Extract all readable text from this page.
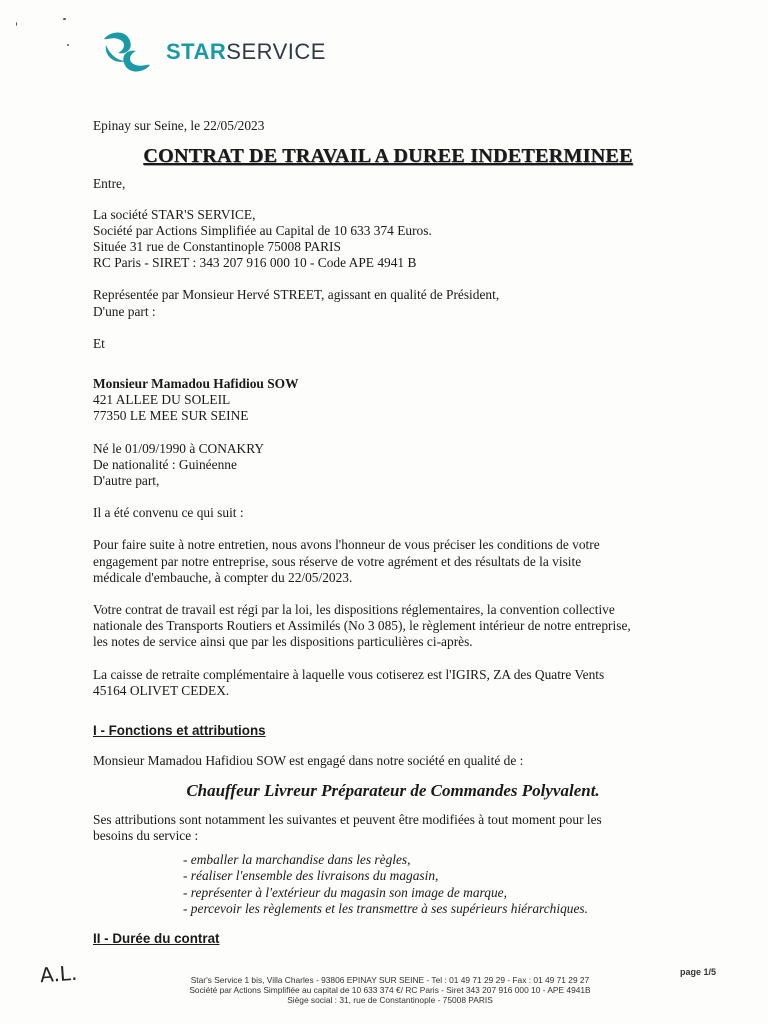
STARSERVICE
Epinay sur Seine, le 22/05/2023
CONTRAT DE TRAVAIL A DUREE INDETERMINEE
Entre,
La société STAR'S SERVICE,
Société par Actions Simplifiée au Capital de 10 633 374 Euros.
Située 31 rue de Constantinople 75008 PARIS
RC Paris - SIRET : 343 207 916 000 10 - Code APE 4941 B
Représentée par Monsieur Hervé STREET, agissant en qualité de Président,
D'une part :
Et
Monsieur Mamadou Hafidiou SOW
421 ALLEE DU SOLEIL
77350 LE MEE SUR SEINE
Né le 01/09/1990 à CONAKRY
De nationalité : Guinéenne
D'autre part,
Il a été convenu ce qui suit :
Pour faire suite à notre entretien, nous avons l'honneur de vous préciser les conditions de votre
engagement par notre entreprise, sous réserve de votre agrément et des résultats de la visite
médicale d'embauche, à compter du 22/05/2023.
Votre contrat de travail est régi par la loi, les dispositions réglementaires, la convention collective
nationale des Transports Routiers et Assimilés (No 3 085), le règlement intérieur de notre entreprise,
les notes de service ainsi que par les dispositions particulières ci-après.
La caisse de retraite complémentaire à laquelle vous cotiserez est l'IGIRS, ZA des Quatre Vents
45164 OLIVET CEDEX.
I - Fonctions et attributions
Monsieur Mamadou Hafidiou SOW est engagé dans notre société en qualité de :
Chauffeur Livreur Préparateur de Commandes Polyvalent.
Ses attributions sont notamment les suivantes et peuvent être modifiées à tout moment pour les
besoins du service :
- emballer la marchandise dans les règles,
- réaliser l'ensemble des livraisons du magasin,
- représenter à l'extérieur du magasin son image de marque,
- percevoir les règlements et les transmettre à ses supérieurs hiérarchiques.
II - Durée du contrat
A.L.	page 1/5
Star's Service 1 bis, Villa Charles - 93806 EPINAY SUR SEINE - Tel : 01 49 71 29 29 - Fax : 01 49 71 29 27
Société par Actions Simplifiée au capital de 10 633 374 €/ RC Paris - Siret 343 207 916 000 10 - APE 4941B
Siège social : 31, rue de Constantinople - 75008 PARIS
